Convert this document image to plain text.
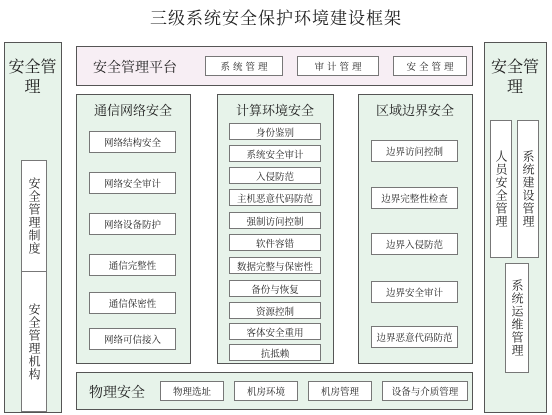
三级系统安全保护环境建设框架
安全管理
安全管理制度
安全管理机构
安全管理
人员安全管理	系统建设管理
系统运维管理
安全管理平台	系 统 管 理	审 计 管 理	安 全 管 理
通信网络安全
网络结构安全
网络安全审计
网络设备防护
通信完整性
通信保密性
网络可信接入
计算环境安全
身份鉴别
系统安全审计
入侵防范
主机恶意代码防范
强制访问控制
软件容错
数据完整与保密性
备份与恢复
资源控制
客体安全重用
抗抵赖
区域边界安全
边界访问控制
边界完整性检查
边界入侵防范
边界安全审计
边界恶意代码防范
物理安全	物理选址	机房环境	机房管理	设备与介质管理
